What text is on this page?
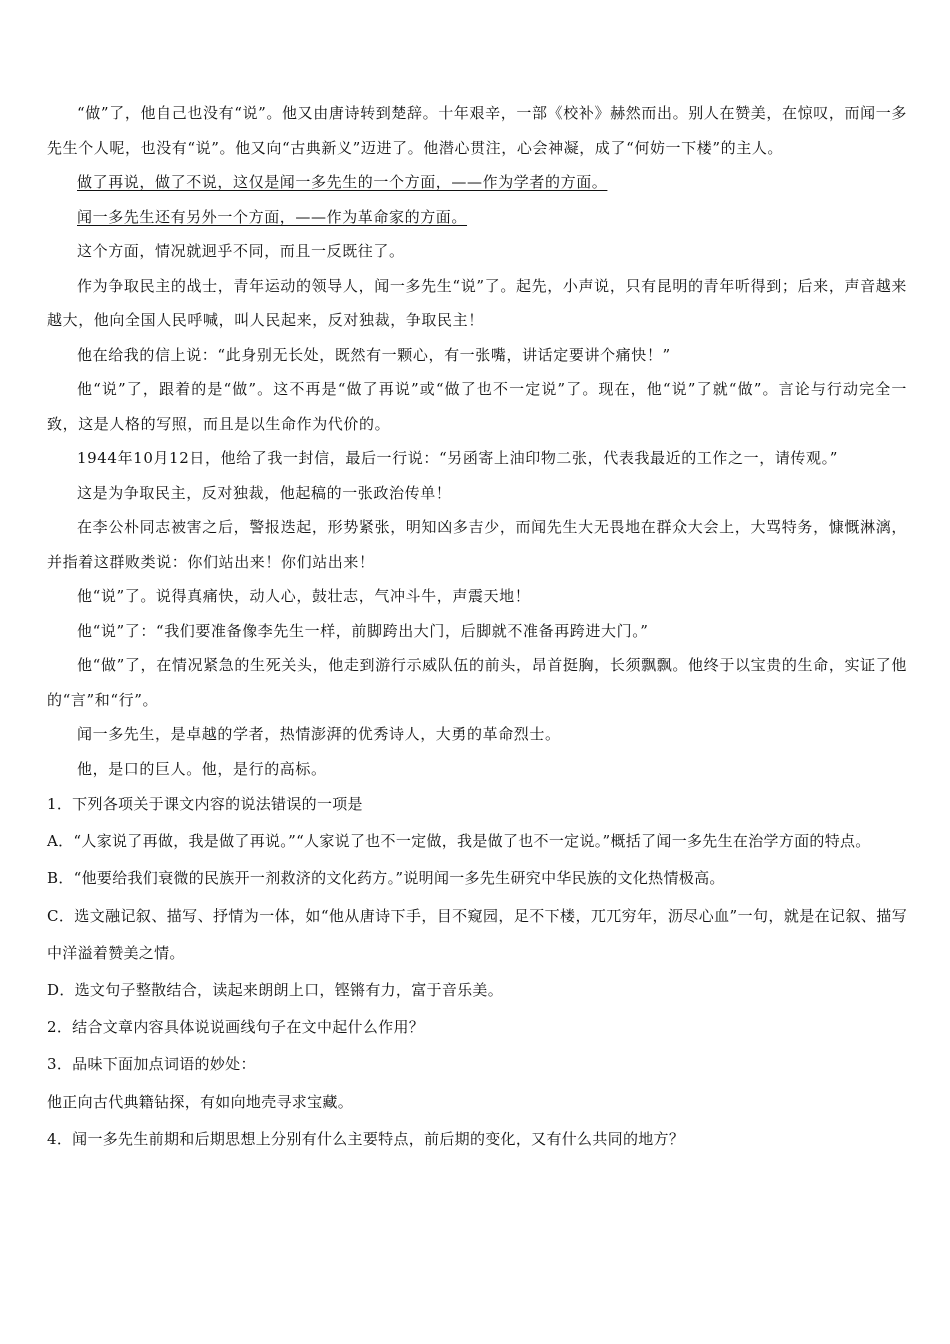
“做”了，他自己也没有“说”。他又由唐诗转到楚辞。十年艰辛，一部《校补》赫然而出。别人在赞美，在惊叹，而闻一多先生个人呢，也没有“说”。他又向“古典新义”迈进了。他潜心贯注，心会神凝，成了“何妨一下楼”的主人。

做了再说，做了不说，这仅是闻一多先生的一个方面，——作为学者的方面。

闻一多先生还有另外一个方面，——作为革命家的方面。

这个方面，情况就迥乎不同，而且一反既往了。

作为争取民主的战士，青年运动的领导人，闻一多先生“说”了。起先，小声说，只有昆明的青年听得到；后来，声音越来越大，他向全国人民呼喊，叫人民起来，反对独裁，争取民主！

他在给我的信上说：“此身别无长处，既然有一颗心，有一张嘴，讲话定要讲个痛快！”

他“说”了，跟着的是“做”。这不再是“做了再说”或“做了也不一定说”了。现在，他“说”了就“做”。言论与行动完全一致，这是人格的写照，而且是以生命作为代价的。

1944年10月12日，他给了我一封信，最后一行说：“另函寄上油印物二张，代表我最近的工作之一，请传观。”

这是为争取民主，反对独裁，他起稿的一张政治传单！

在李公朴同志被害之后，警报迭起，形势紧张，明知凶多吉少，而闻先生大无畏地在群众大会上，大骂特务，慷慨淋漓，并指着这群败类说：你们站出来！你们站出来！

他“说”了。说得真痛快，动人心，鼓壮志，气冲斗牛，声震天地！

他“说”了：“我们要准备像李先生一样，前脚跨出大门，后脚就不准备再跨进大门。”

他“做”了，在情况紧急的生死关头，他走到游行示威队伍的前头，昂首挺胸，长须飘飘。他终于以宝贵的生命，实证了他的“言”和“行”。

闻一多先生，是卓越的学者，热情澎湃的优秀诗人，大勇的革命烈士。

他，是口的巨人。他，是行的高标。

1．下列各项关于课文内容的说法错误的一项是

A．“人家说了再做，我是做了再说。”“人家说了也不一定做，我是做了也不一定说。”概括了闻一多先生在治学方面的特点。

B．“他要给我们衰微的民族开一剂救济的文化药方。”说明闻一多先生研究中华民族的文化热情极高。

C．选文融记叙、描写、抒情为一体，如“他从唐诗下手，目不窥园，足不下楼，兀兀穷年，沥尽心血”一句，就是在记叙、描写中洋溢着赞美之情。

D．选文句子整散结合，读起来朗朗上口，铿锵有力，富于音乐美。

2．结合文章内容具体说说画线句子在文中起什么作用？

3．品味下面加点词语的妙处：

他正向古代典籍钻探，有如向地壳寻求宝藏。

4．闻一多先生前期和后期思想上分别有什么主要特点，前后期的变化，又有什么共同的地方？
